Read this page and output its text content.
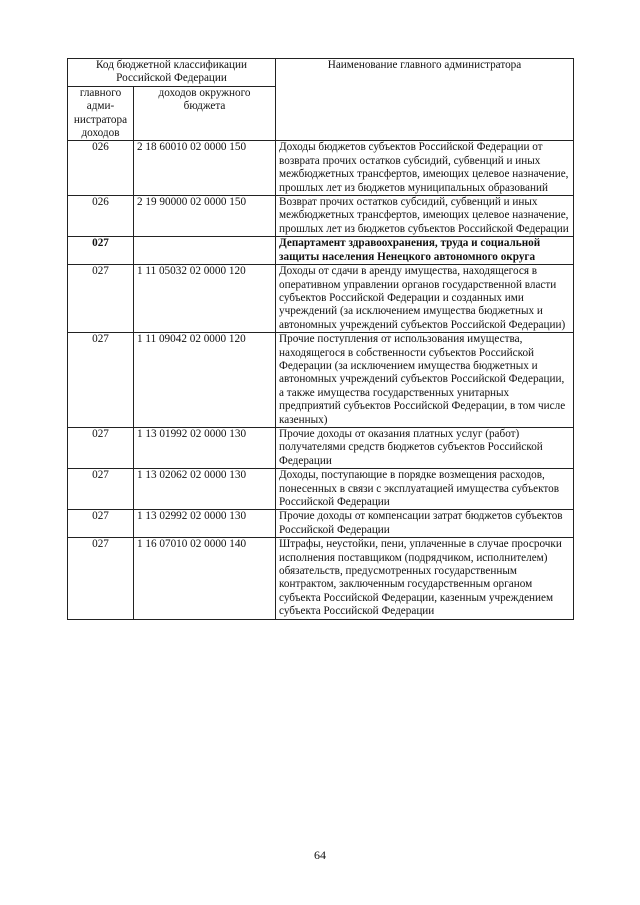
Код бюджетной классификации Российской Федерации		Наименование главного администратора
главного адми-нистратора доходов	доходов окружного бюджета	
026	2 18 60010 02 0000 150	Доходы бюджетов субъектов Российской Федерации от возврата прочих остатков субсидий, субвенций и иных межбюджетных трансфертов, имеющих целевое назначение, прошлых лет из бюджетов муниципальных образований
026	2 19 90000 02 0000 150	Возврат прочих остатков субсидий, субвенций и иных межбюджетных трансфертов, имеющих целевое назначение, прошлых лет из бюджетов субъектов Российской Федерации
027		Департамент здравоохранения, труда и социальной защиты населения Ненецкого автономного округа
027	1 11 05032 02 0000 120	Доходы от сдачи в аренду имущества, находящегося в оперативном управлении органов государственной власти субъектов Российской Федерации и созданных ими учреждений (за исключением имущества бюджетных и автономных учреждений субъектов Российской Федерации)
027	1 11 09042 02 0000 120	Прочие поступления от использования имущества, находящегося в собственности субъектов Российской Федерации (за исключением имущества бюджетных и автономных учреждений субъектов Российской Федерации, а также имущества государственных унитарных предприятий субъектов Российской Федерации, в том числе казенных)
027	1 13 01992 02 0000 130	Прочие доходы от оказания платных услуг (работ) получателями средств бюджетов субъектов Российской Федерации
027	1 13 02062 02 0000 130	Доходы, поступающие в порядке возмещения расходов, понесенных в связи с эксплуатацией имущества субъектов Российской Федерации
027	1 13 02992 02 0000 130	Прочие доходы от компенсации затрат бюджетов субъектов Российской Федерации
027	1 16 07010 02 0000 140	Штрафы, неустойки, пени, уплаченные в случае просрочки исполнения поставщиком (подрядчиком, исполнителем) обязательств, предусмотренных государственным контрактом, заключенным государственным органом субъекта Российской Федерации, казенным учреждением субъекта Российской Федерации
64
